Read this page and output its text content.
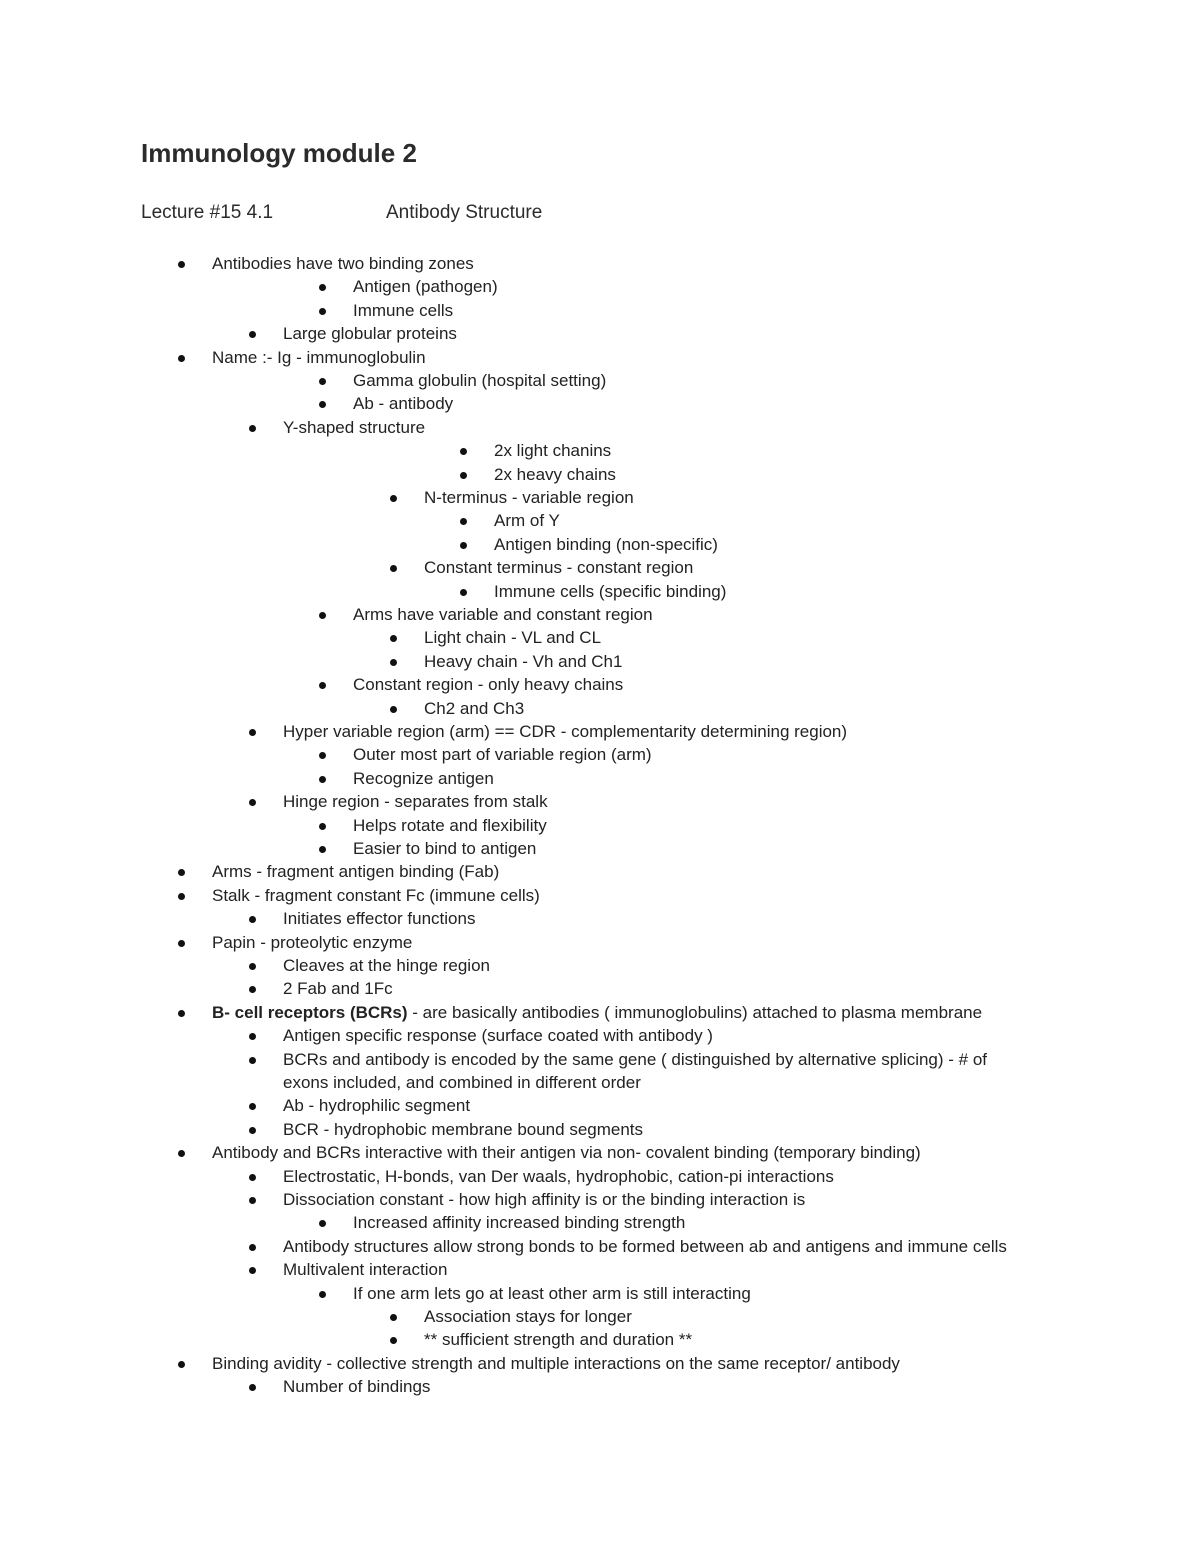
Immunology module 2
Lecture #15 4.1	Antibody Structure
Antibodies have two binding zones
Antigen (pathogen)
Immune cells
Large globular proteins
Name :- Ig - immunoglobulin
Gamma globulin (hospital setting)
Ab - antibody
Y-shaped structure
2x light chanins
2x heavy chains
N-terminus - variable region
Arm of Y
Antigen binding (non-specific)
Constant terminus - constant region
Immune cells (specific binding)
Arms have variable and constant region
Light chain - VL and CL
Heavy chain - Vh and Ch1
Constant region - only heavy chains
Ch2 and Ch3
Hyper variable region (arm) == CDR - complementarity determining region)
Outer most part of variable region (arm)
Recognize antigen
Hinge region - separates from stalk
Helps rotate and flexibility
Easier to bind to antigen
Arms - fragment antigen binding (Fab)
Stalk - fragment constant Fc (immune cells)
Initiates effector functions
Papin - proteolytic enzyme
Cleaves at the hinge region
2 Fab and 1Fc
B- cell receptors (BCRs) - are basically antibodies ( immunoglobulins) attached to plasma membrane
Antigen specific response (surface coated with antibody )
BCRs and antibody is encoded by the same gene ( distinguished by alternative splicing) - # of
exons included, and combined in different order
Ab - hydrophilic segment
BCR - hydrophobic membrane bound segments
Antibody and BCRs interactive with their antigen via non- covalent binding (temporary binding)
Electrostatic, H-bonds, van Der waals, hydrophobic, cation-pi interactions
Dissociation constant - how high affinity is or the binding interaction is
Increased affinity increased binding strength
Antibody structures allow strong bonds to be formed between ab and antigens and immune cells
Multivalent interaction
If one arm lets go at least other arm is still interacting
Association stays for longer
** sufficient strength and duration **
Binding avidity - collective strength and multiple interactions on the same receptor/ antibody
Number of bindings
